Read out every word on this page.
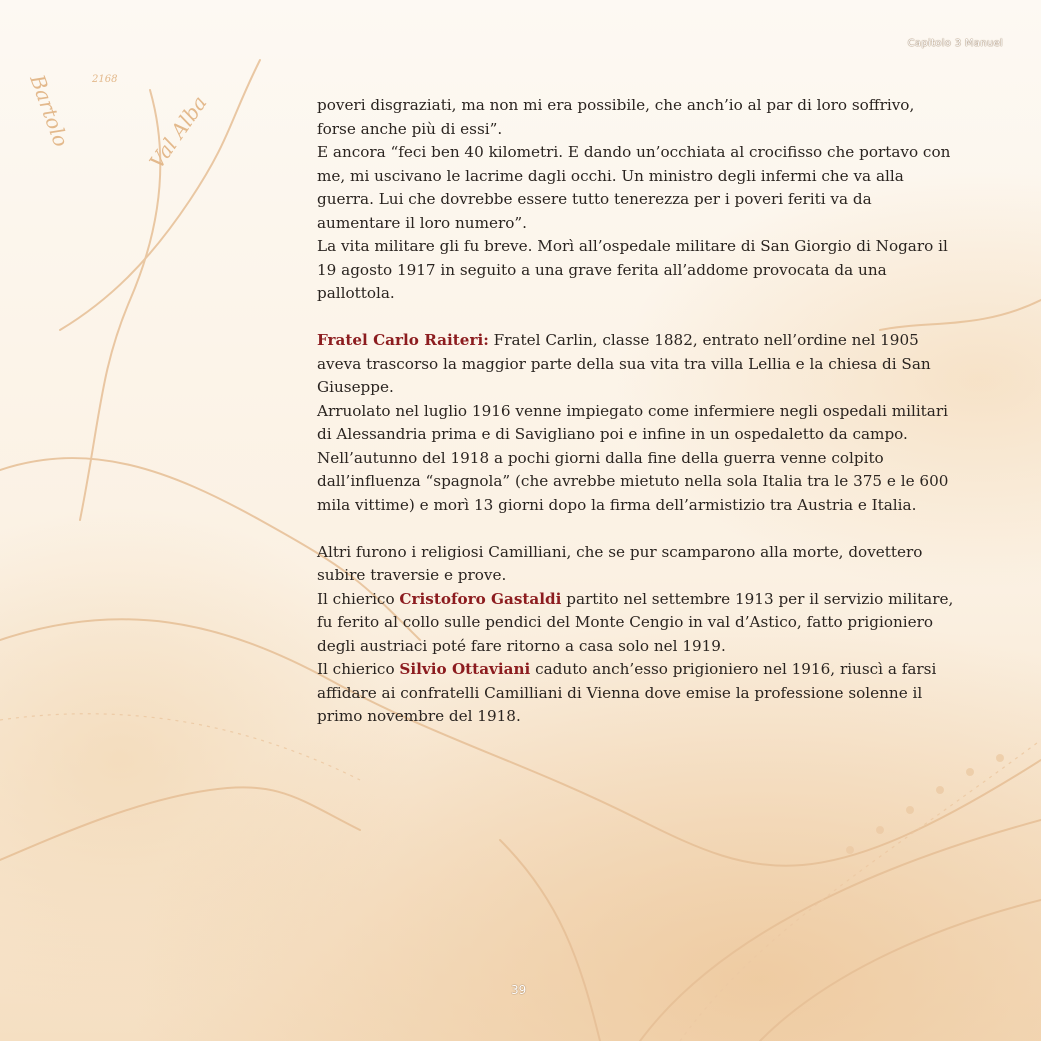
Bartolo	Val Alba
2168
Capitolo 3 Manuel

poveri disgraziati, ma non mi era possibile, che anch’io al par di loro soffrivo, forse anche più di essi”.

E ancora “feci ben 40 kilometri. E dando un’occhiata al crocifisso che portavo con me, mi uscivano le lacrime dagli occhi. Un ministro degli infermi che va alla guerra. Lui che dovrebbe essere tutto tenerezza per i poveri feriti va da aumentare il loro numero”.

La vita militare gli fu breve. Morì all’ospedale militare di San Giorgio di Nogaro il 19 agosto 1917 in seguito a una grave ferita all’addome provocata da una pallottola.

Fratel Carlo Raiteri: Fratel Carlin, classe 1882, entrato nell’ordine nel 1905 aveva trascorso la maggior parte della sua vita tra villa Lellia e la chiesa di San Giuseppe.

Arruolato nel luglio 1916 venne impiegato come infermiere negli ospedali militari di Alessandria prima e di Savigliano poi e infine in un ospedaletto da campo. Nell’autunno del 1918 a pochi giorni dalla fine della guerra venne colpito dall’influenza “spagnola” (che avrebbe mietuto nella sola Italia tra le 375 e le 600 mila vittime) e morì 13 giorni dopo la firma dell’armistizio tra Austria e Italia.

Altri furono i religiosi Camilliani, che se pur scamparono alla morte, dovettero subire traversie e prove.

Il chierico Cristoforo Gastaldi partito nel settembre 1913 per il servizio militare, fu ferito al collo sulle pendici del Monte Cengio in val d’Astico, fatto prigioniero degli austriaci poté fare ritorno a casa solo nel 1919.

Il chierico Silvio Ottaviani caduto anch’esso prigioniero nel 1916, riuscì a farsi affidare ai confratelli Camilliani di Vienna dove emise la professione solenne il primo novembre del 1918.

39
